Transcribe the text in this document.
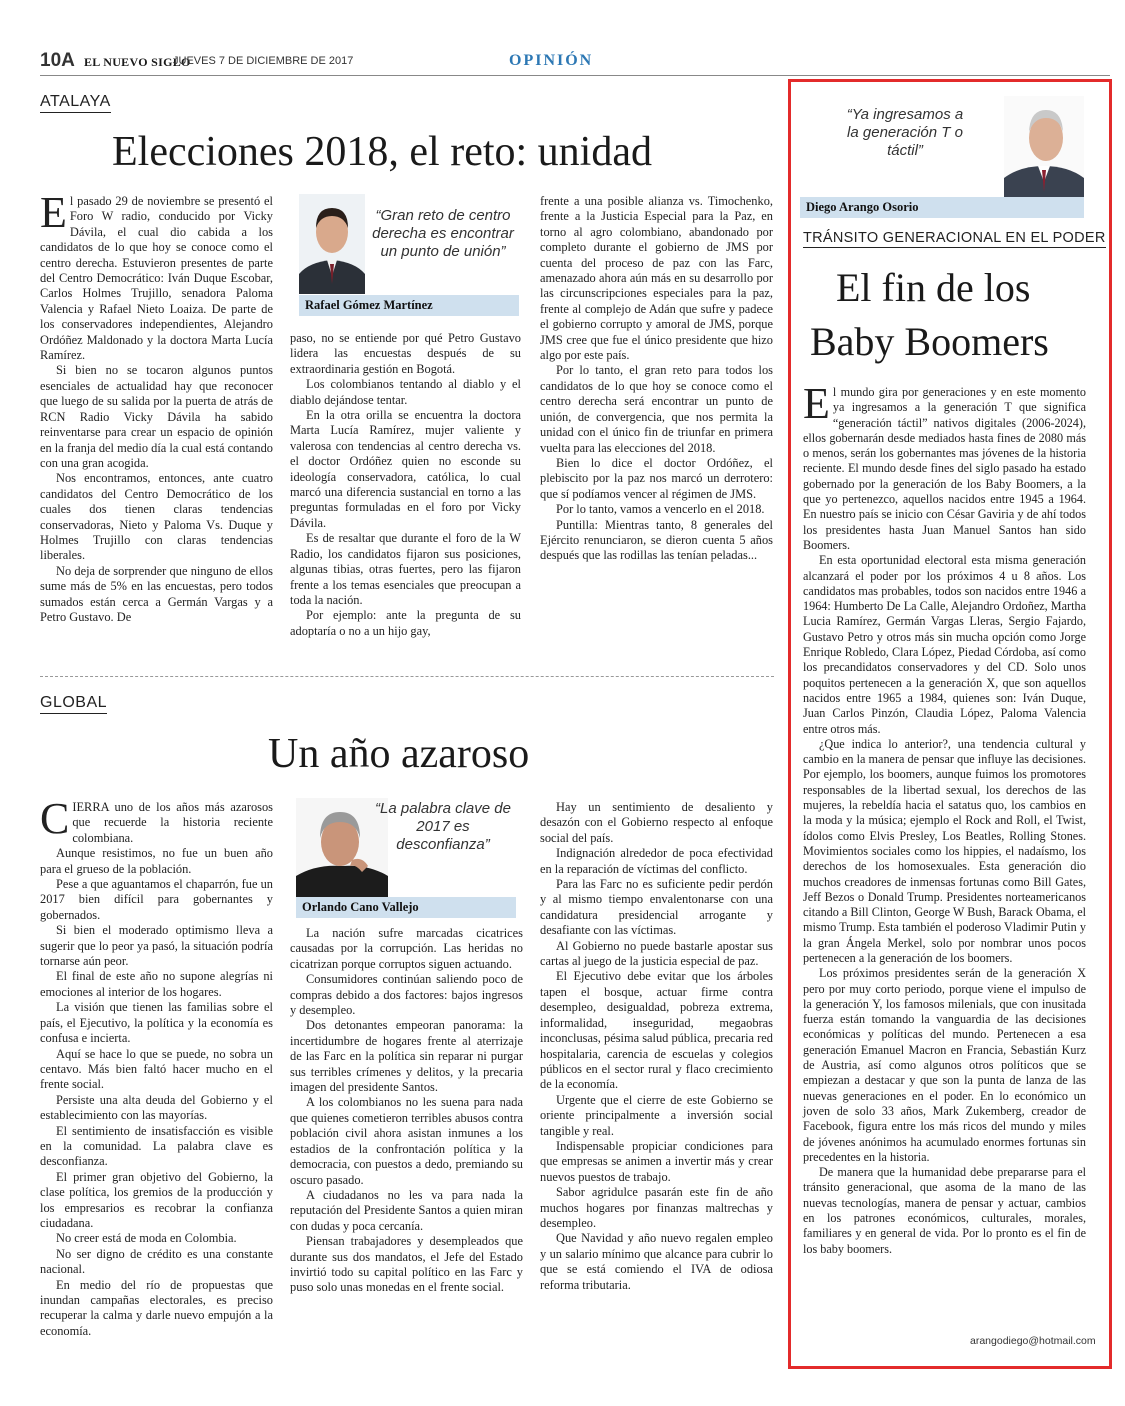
10A EL NUEVO SIGLO
JUEVES 7 DE DICIEMBRE DE 2017	OPINIÓN
ATALAYA
Elecciones 2018, el reto: unidad

El pasado 29 de noviembre se presentó el Foro W radio, conducido por Vicky Dávila, el cual dio cabida a los candidatos de lo que hoy se conoce como el centro derecha. Estuvieron presentes de parte del Centro Democrático: Iván Duque Escobar, Carlos Holmes Trujillo, senadora Paloma Valencia y Rafael Nieto Loaiza. De parte de los conservadores independientes, Alejandro Ordóñez Maldonado y la doctora Marta Lucía Ramírez.

Si bien no se tocaron algunos puntos esenciales de actualidad hay que reconocer que luego de su salida por la puerta de atrás de RCN Radio Vicky Dávila ha sabido reinventarse para crear un espacio de opinión en la franja del medio día la cual está contando con una gran acogida.

Nos encontramos, entonces, ante cuatro candidatos del Centro Democrático de los cuales dos tienen claras tendencias conservadoras, Nieto y Paloma Vs. Duque y Holmes Trujillo con claras tendencias liberales.

No deja de sorprender que ninguno de ellos sume más de 5% en las encuestas, pero todos sumados están cerca a Germán Vargas y a Petro Gustavo. De

“Gran reto de centro derecha es encontrar un punto de unión”
Rafael Gómez Martínez

paso, no se entiende por qué Petro Gustavo lidera las encuestas después de su extraordinaria gestión en Bogotá.

Los colombianos tentando al diablo y el diablo dejándose tentar.

En la otra orilla se encuentra la doctora Marta Lucía Ramírez, mujer valiente y valerosa con tendencias al centro derecha vs. el doctor Ordóñez quien no esconde su ideología conservadora, católica, lo cual marcó una diferencia sustancial en torno a las preguntas formuladas en el foro por Vicky Dávila.

Es de resaltar que durante el foro de la W Radio, los candidatos fijaron sus posiciones, algunas tibias, otras fuertes, pero las fijaron frente a los temas esenciales que preocupan a toda la nación.

Por ejemplo: ante la pregunta de su adoptaría o no a un hijo gay,

frente a una posible alianza vs. Timochenko, frente a la Justicia Especial para la Paz, en torno al agro colombiano, abandonado por completo durante el gobierno de JMS por cuenta del proceso de paz con las Farc, amenazado ahora aún más en su desarrollo por las circunscripciones especiales para la paz, frente al complejo de Adán que sufre y padece el gobierno corrupto y amoral de JMS, porque JMS cree que fue el único presidente que hizo algo por este país.

Por lo tanto, el gran reto para todos los candidatos de lo que hoy se conoce como el centro derecha será encontrar un punto de unión, de convergencia, que nos permita la unidad con el único fin de triunfar en primera vuelta para las elecciones del 2018.

Bien lo dice el doctor Ordóñez, el plebiscito por la paz nos marcó un derrotero: que sí podíamos vencer al régimen de JMS.

Por lo tanto, vamos a vencerlo en el 2018.

Puntilla: Mientras tanto, 8 generales del Ejército renunciaron, se dieron cuenta 5 años después que las rodillas las tenían peladas...

GLOBAL
Un año azaroso

CIERRA uno de los años más azarosos que recuerde la historia reciente colombiana.

Aunque resistimos, no fue un buen año para el grueso de la población.

Pese a que aguantamos el chaparrón, fue un 2017 bien difícil para gobernantes y gobernados.

Si bien el moderado optimismo lleva a sugerir que lo peor ya pasó, la situación podría tornarse aún peor.

El final de este año no supone alegrías ni emociones al interior de los hogares.

La visión que tienen las familias sobre el país, el Ejecutivo, la política y la economía es confusa e incierta.

Aquí se hace lo que se puede, no sobra un centavo. Más bien faltó hacer mucho en el frente social.

Persiste una alta deuda del Gobierno y el establecimiento con las mayorías.

El sentimiento de insatisfacción es visible en la comunidad. La palabra clave es desconfianza.

El primer gran objetivo del Gobierno, la clase política, los gremios de la producción y los empresarios es recobrar la confianza ciudadana.

No creer está de moda en Colombia.

No ser digno de crédito es una constante nacional.

En medio del río de propuestas que inundan campañas electorales, es preciso recuperar la calma y darle nuevo empujón a la economía.

“La palabra clave de 2017 es desconfianza”
Orlando Cano Vallejo

La nación sufre marcadas cicatrices causadas por la corrupción. Las heridas no cicatrizan porque corruptos siguen actuando.

Consumidores continúan saliendo poco de compras debido a dos factores: bajos ingresos y desempleo.

Dos detonantes empeoran panorama: la incertidumbre de hogares frente al aterrizaje de las Farc en la política sin reparar ni purgar sus terribles crímenes y delitos, y la precaria imagen del presidente Santos.

A los colombianos no les suena para nada que quienes cometieron terribles abusos contra población civil ahora asistan inmunes a los estadios de la confrontación política y la democracia, con puestos a dedo, premiando su oscuro pasado.

A ciudadanos no les va para nada la reputación del Presidente Santos a quien miran con dudas y poca cercanía.

Piensan trabajadores y desempleados que durante sus dos mandatos, el Jefe del Estado invirtió todo su capital político en las Farc y puso solo unas monedas en el frente social.

Hay un sentimiento de desaliento y desazón con el Gobierno respecto al enfoque social del país.

Indignación alrededor de poca efectividad en la reparación de víctimas del conflicto.

Para las Farc no es suficiente pedir perdón y al mismo tiempo envalentonarse con una candidatura presidencial arrogante y desafiante con las víctimas.

Al Gobierno no puede bastarle apostar sus cartas al juego de la justicia especial de paz.

El Ejecutivo debe evitar que los árboles tapen el bosque, actuar firme contra desempleo, desigualdad, pobreza extrema, informalidad, inseguridad, megaobras inconclusas, pésima salud pública, precaria red hospitalaria, carencia de escuelas y colegios públicos en el sector rural y flaco crecimiento de la economía.

Urgente que el cierre de este Gobierno se oriente principalmente a inversión social tangible y real.

Indispensable propiciar condiciones para que empresas se animen a invertir más y crear nuevos puestos de trabajo.

Sabor agridulce pasarán este fin de año muchos hogares por finanzas maltrechas y desempleo.

Que Navidad y año nuevo regalen empleo y un salario mínimo que alcance para cubrir lo que se está comiendo el IVA de odiosa reforma tributaria.

“Ya ingresamos a la generación T o táctil”
Diego Arango Osorio
TRÁNSITO GENERACIONAL EN EL PODER
El fin de los
Baby Boomers

El mundo gira por generaciones y en este momento ya ingresamos a la generación T que significa “generación táctil” nativos digitales (2006-2024), ellos gobernarán desde mediados hasta fines de 2080 más o menos, serán los gobernantes mas jóvenes de la historia reciente. El mundo desde fines del siglo pasado ha estado gobernado por la generación de los Baby Boomers, a la que yo pertenezco, aquellos nacidos entre 1945 a 1964. En nuestro país se inicio con César Gaviria y de ahí todos los presidentes hasta Juan Manuel Santos han sido Boomers.

En esta oportunidad electoral esta misma generación alcanzará el poder por los próximos 4 u 8 años. Los candidatos mas probables, todos son nacidos entre 1946 a 1964: Humberto De La Calle, Alejandro Ordoñez, Martha Lucia Ramírez, Germán Vargas Lleras, Sergio Fajardo, Gustavo Petro y otros más sin mucha opción como Jorge Enrique Robledo, Clara López, Piedad Córdoba, así como los precandidatos conservadores y del CD. Solo unos poquitos pertenecen a la generación X, que son aquellos nacidos entre 1965 a 1984, quienes son: Iván Duque, Juan Carlos Pinzón, Claudia López, Paloma Valencia entre otros más.

¿Que indica lo anterior?, una tendencia cultural y cambio en la manera de pensar que influye las decisiones. Por ejemplo, los boomers, aunque fuimos los promotores responsables de la libertad sexual, los derechos de las mujeres, la rebeldía hacia el satatus quo, los cambios en la moda y la música; ejemplo el Rock and Roll, el Twist, ídolos como Elvis Presley, Los Beatles, Rolling Stones. Movimientos sociales como los hippies, el nadaísmo, los derechos de los homosexuales. Esta generación dio muchos creadores de inmensas fortunas como Bill Gates, Jeff Bezos o Donald Trump. Presidentes norteamericanos citando a Bill Clinton, George W Bush, Barack Obama, el mismo Trump. Esta también el poderoso Vladimir Putin y la gran Ángela Merkel, solo por nombrar unos pocos pertenecen a la generación de los boomers.

Los próximos presidentes serán de la generación X pero por muy corto periodo, porque viene el impulso de la generación Y, los famosos milenials, que con inusitada fuerza están tomando la vanguardia de las decisiones económicas y políticas del mundo. Pertenecen a esa generación Emanuel Macron en Francia, Sebastián Kurz de Austria, así como algunos otros políticos que se empiezan a destacar y que son la punta de lanza de las nuevas generaciones en el poder. En lo económico un joven de solo 33 años, Mark Zukemberg, creador de Facebook, figura entre los más ricos del mundo y miles de jóvenes anónimos ha acumulado enormes fortunas sin precedentes en la historia.

De manera que la humanidad debe prepararse para el tránsito generacional, que asoma de la mano de las nuevas tecnologías, manera de pensar y actuar, cambios en los patrones económicos, culturales, morales, familiares y en general de vida. Por lo pronto es el fin de los baby boomers.

arangodiego@hotmail.com
